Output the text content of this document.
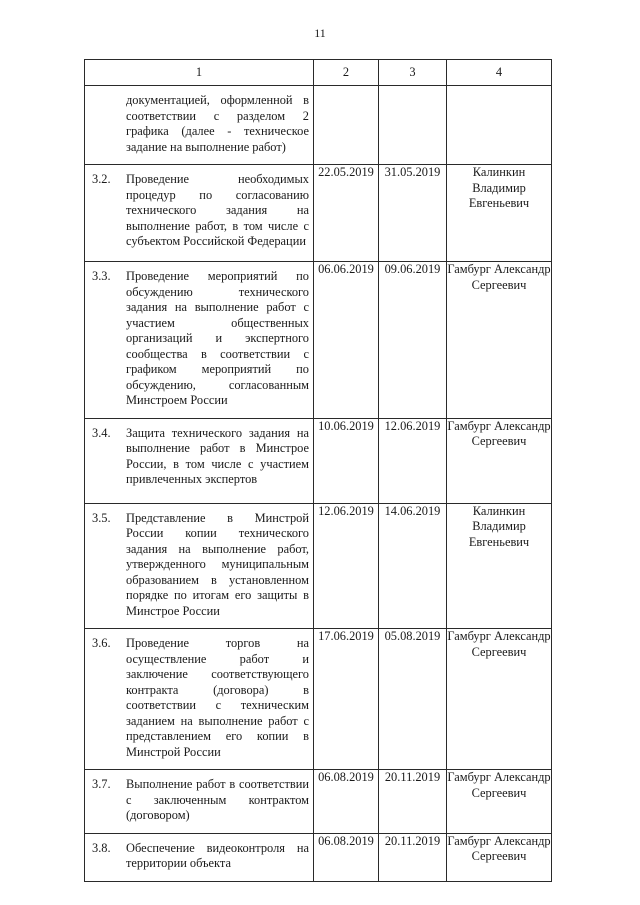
11
1	2	3	4

документацией, оформленной в соответствии с разделом 2 графика (далее - техническое задание на выполнение работ)			

3.2. Проведение необходимых процедур по согласованию технического задания на выполнение работ, в том числе с субъектом Российской Федерации	22.05.2019	31.05.2019	Калинкин Владимир Евгеньевич

3.3. Проведение мероприятий по обсуждению технического задания на выполнение работ с участием общественных организаций и экспертного сообщества в соответствии с графиком мероприятий по обсуждению, согласованным Минстроем России	06.06.2019	09.06.2019	Гамбург Александр Сергеевич

3.4. Защита технического задания на выполнение работ в Минстрое России, в том числе с участием привлеченных экспертов	10.06.2019	12.06.2019	Гамбург Александр Сергеевич

3.5. Представление в Минстрой России копии технического задания на выполнение работ, утвержденного муниципальным образованием в установленном порядке по итогам его защиты в Минстрое России	12.06.2019	14.06.2019	Калинкин Владимир Евгеньевич

3.6. Проведение торгов на осуществление работ и заключение соответствующего контракта (договора) в соответствии с техническим заданием на выполнение работ с представлением его копии в Минстрой России	17.06.2019	05.08.2019	Гамбург Александр Сергеевич

3.7. Выполнение работ в соответствии с заключенным контрактом (договором)	06.08.2019	20.11.2019	Гамбург Александр Сергеевич

3.8. Обеспечение видеоконтроля на территории объекта	06.08.2019	20.11.2019	Гамбург Александр Сергеевич
